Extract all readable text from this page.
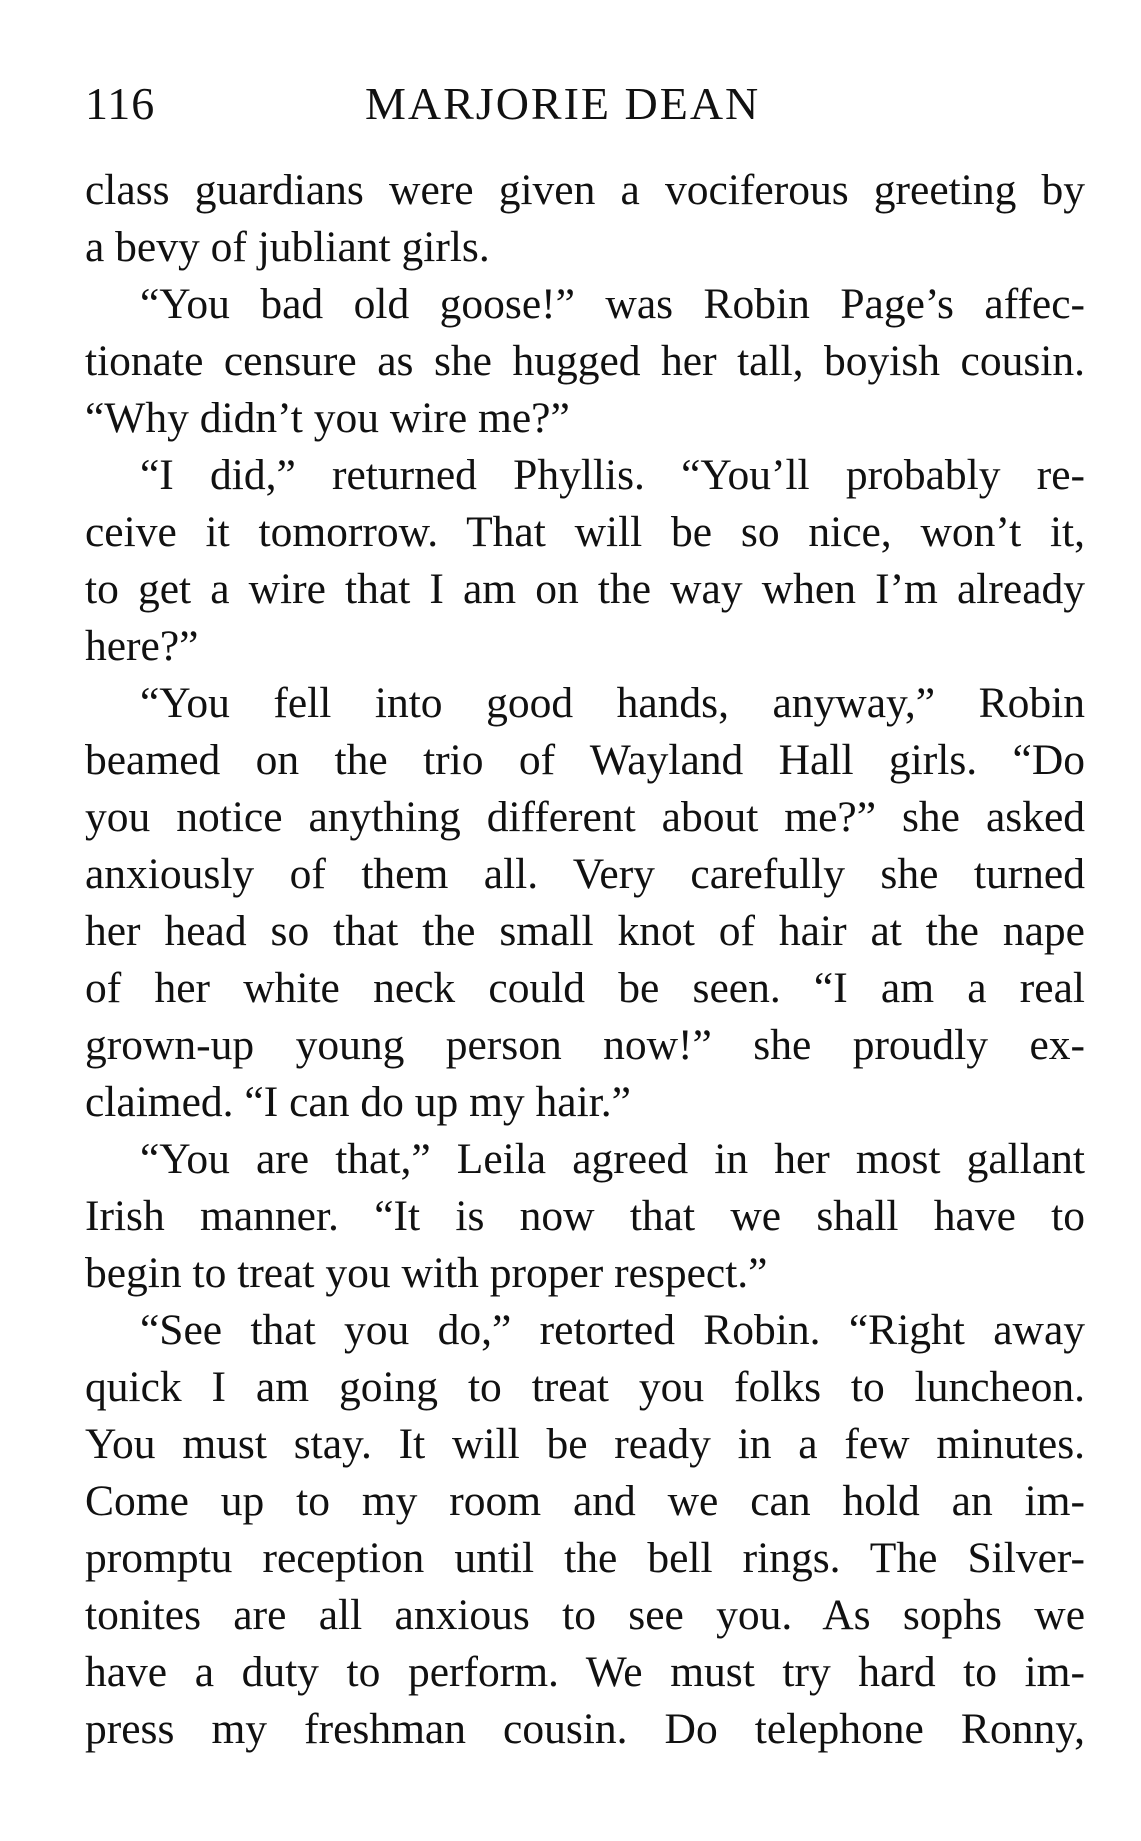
116	MARJORIE DEAN
class guardians were given a vociferous greeting by
a bevy of jubliant girls.
“You bad old goose!” was Robin Page’s affec-
tionate censure as she hugged her tall, boyish cousin.
“Why didn’t you wire me?”
“I did,” returned Phyllis. “You’ll probably re-
ceive it tomorrow. That will be so nice, won’t it,
to get a wire that I am on the way when I’m already
here?”
“You fell into good hands, anyway,” Robin
beamed on the trio of Wayland Hall girls. “Do
you notice anything different about me?” she asked
anxiously of them all. Very carefully she turned
her head so that the small knot of hair at the nape
of her white neck could be seen. “I am a real
grown-up young person now!” she proudly ex-
claimed. “I can do up my hair.”
“You are that,” Leila agreed in her most gallant
Irish manner. “It is now that we shall have to
begin to treat you with proper respect.”
“See that you do,” retorted Robin. “Right away
quick I am going to treat you folks to luncheon.
You must stay. It will be ready in a few minutes.
Come up to my room and we can hold an im-
promptu reception until the bell rings. The Silver-
tonites are all anxious to see you. As sophs we
have a duty to perform. We must try hard to im-
press my freshman cousin. Do telephone Ronny,
